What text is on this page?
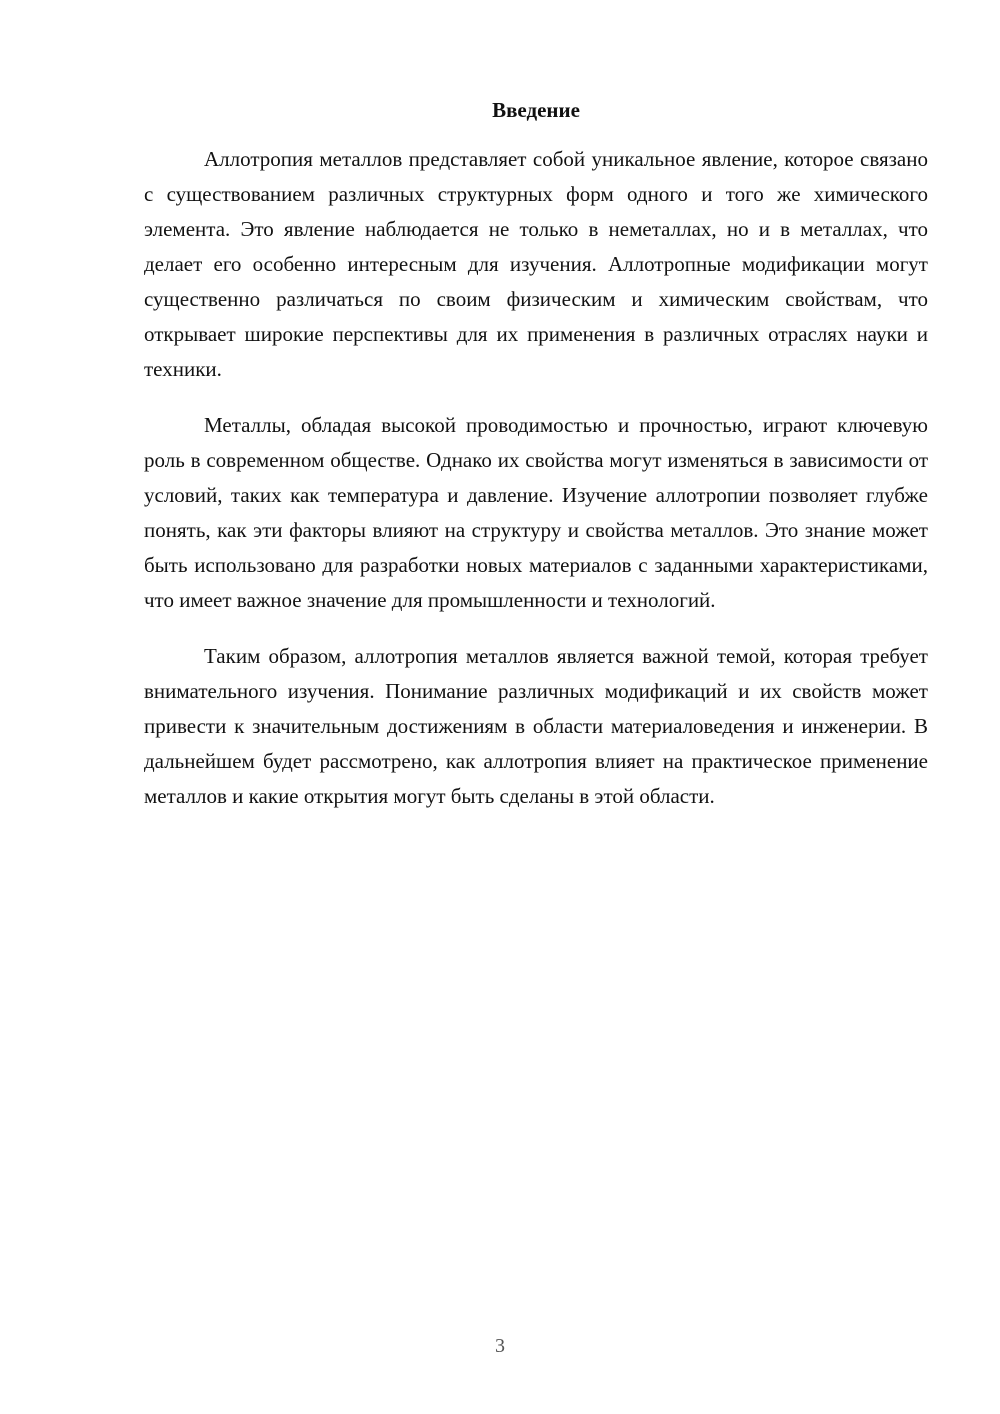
Введение

Аллотропия металлов представляет собой уникальное явление, которое связано с существованием различных структурных форм одного и того же химического элемента. Это явление наблюдается не только в неметаллах, но и в металлах, что делает его особенно интересным для изучения. Аллотропные модификации могут существенно различаться по своим физическим и химическим свойствам, что открывает широкие перспективы для их применения в различных отраслях науки и техники.

Металлы, обладая высокой проводимостью и прочностью, играют ключевую роль в современном обществе. Однако их свойства могут изменяться в зависимости от условий, таких как температура и давление. Изучение аллотропии позволяет глубже понять, как эти факторы влияют на структуру и свойства металлов. Это знание может быть использовано для разработки новых материалов с заданными характеристиками, что имеет важное значение для промышленности и технологий.

Таким образом, аллотропия металлов является важной темой, которая требует внимательного изучения. Понимание различных модификаций и их свойств может привести к значительным достижениям в области материаловедения и инженерии. В дальнейшем будет рассмотрено, как аллотропия влияет на практическое применение металлов и какие открытия могут быть сделаны в этой области.

3
